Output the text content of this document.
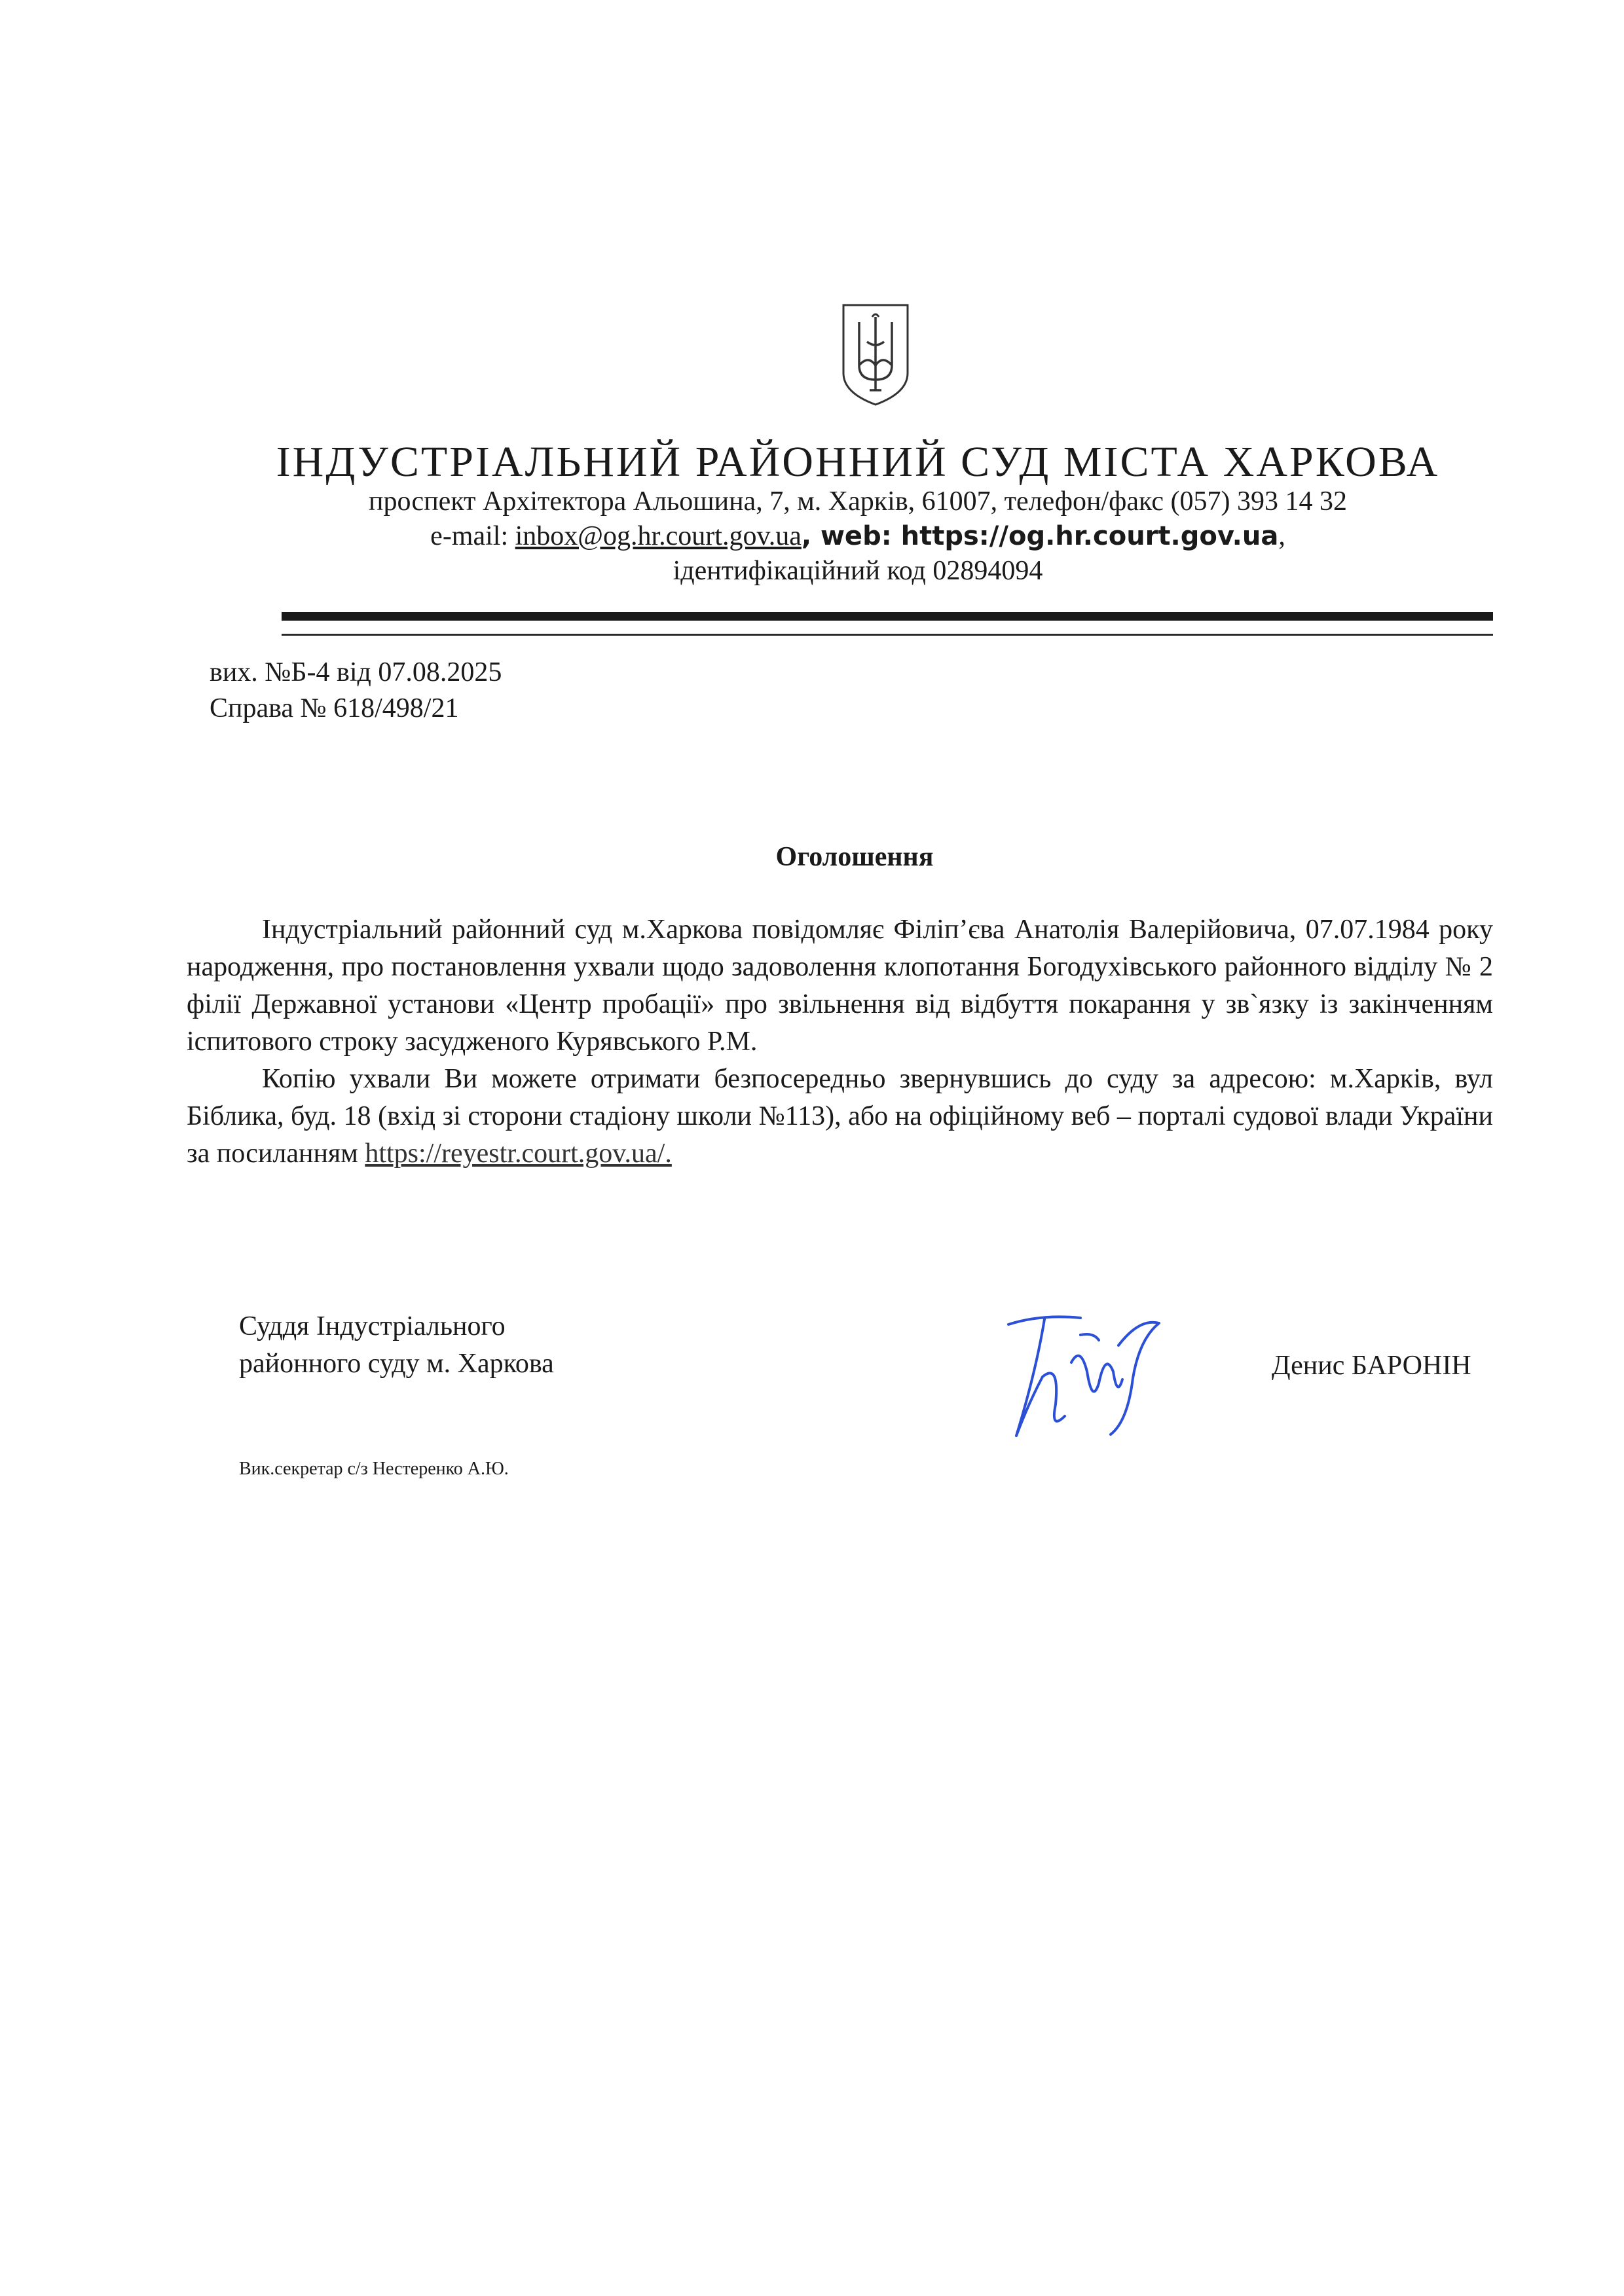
ІНДУСТРІАЛЬНИЙ РАЙОННИЙ СУД МІСТА ХАРКОВА
проспект Архітектора Альошина, 7, м. Харків, 61007, телефон/факс (057) 393 14 32
e-mail: inbox@og.hr.court.gov.ua, web: https://og.hr.court.gov.ua,
ідентифікаційний код 02894094
вих. №Б-4 від 07.08.2025
Справа № 618/498/21
Оголошення

Індустріальний районний суд м.Харкова повідомляє Філіп’єва Анатолія Валерійовича, 07.07.1984 року народження, про постановлення ухвали щодо задоволення клопотання Богодухівського районного відділу № 2 філії Державної установи «Центр пробації» про звільнення від відбуття покарання у зв`язку із закінченням іспитового строку засудженого Курявського Р.М.

Копію ухвали Ви можете отримати безпосередньо звернувшись до суду за адресою: м.Харків, вул Біблика, буд. 18 (вхід зі сторони стадіону школи №113), або на офіційному веб – порталі судової влади України за посиланням https://reyestr.court.gov.ua/.

Суддя Індустріального
районного суду м. Харкова	Денис БАРОНІН
Вик.секретар с/з Нестеренко А.Ю.
